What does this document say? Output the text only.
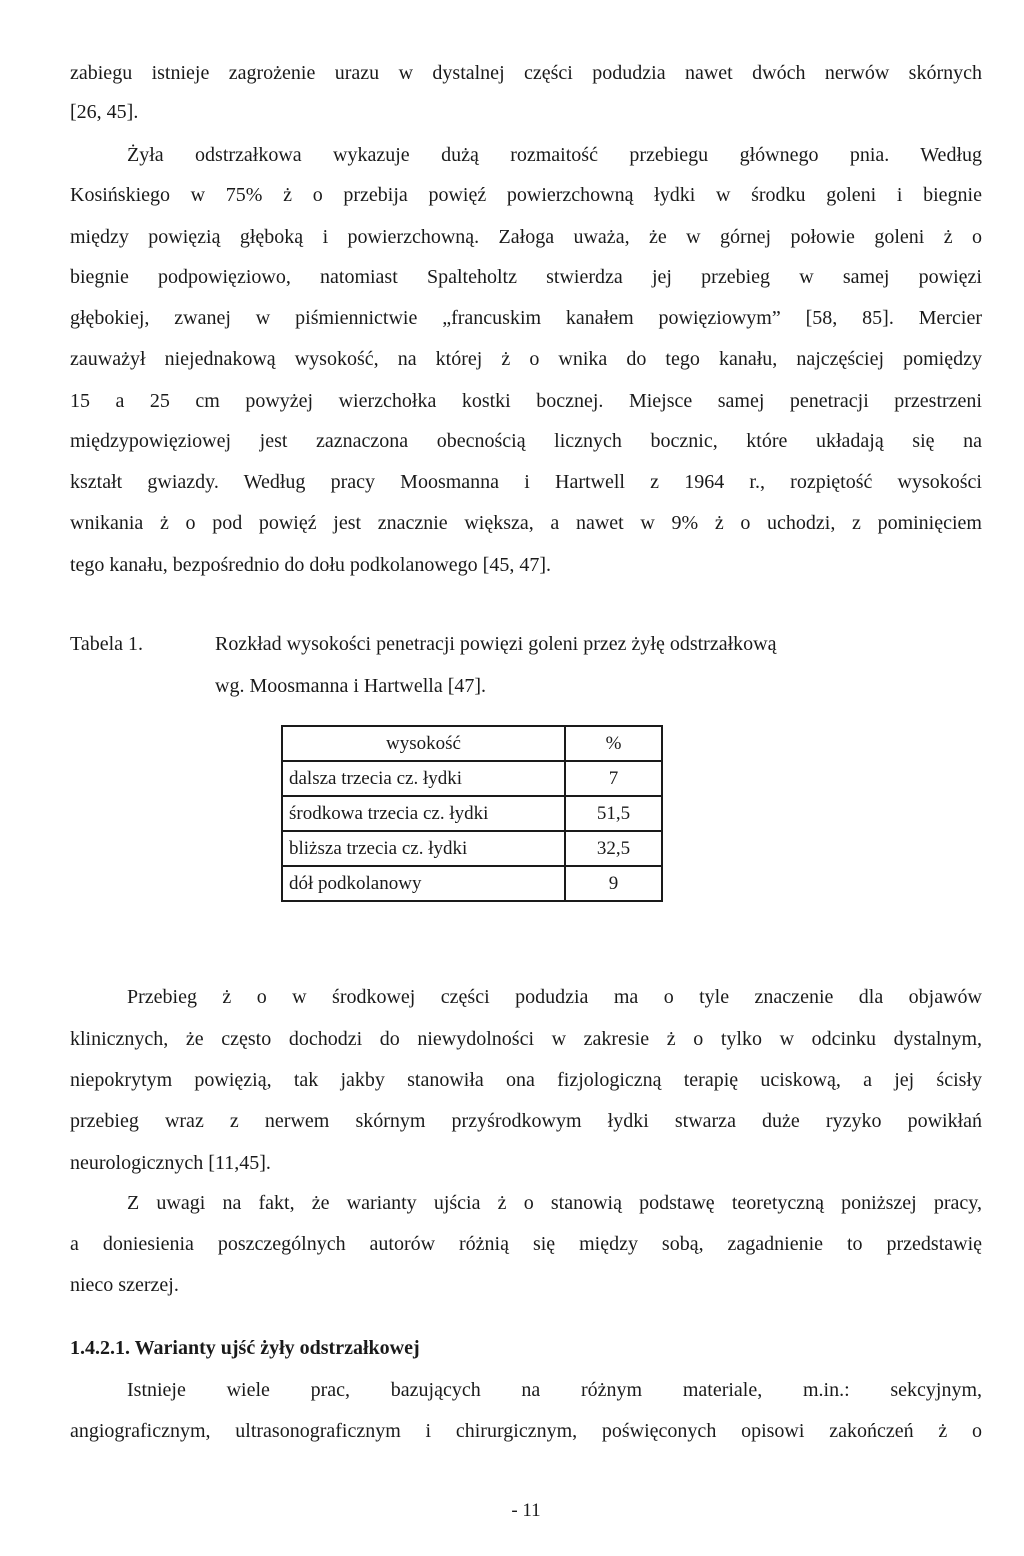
zabiegu istnieje zagrożenie urazu w dystalnej części podudzia nawet dwóch nerwów skórnych
[26, 45].
Żyła odstrzałkowa wykazuje dużą rozmaitość przebiegu głównego pnia. Według
Kosińskiego w 75% ż o przebija powięź powierzchowną łydki w środku goleni i biegnie
między powięzią głęboką i powierzchowną. Załoga uważa, że w górnej połowie goleni ż o
biegnie podpowięziowo, natomiast Spalteholtz stwierdza jej przebieg w samej powięzi
głębokiej, zwanej w piśmiennictwie „francuskim kanałem powięziowym” [58, 85]. Mercier
zauważył niejednakową wysokość, na której ż o wnika do tego kanału, najczęściej pomiędzy
15 a 25 cm powyżej wierzchołka kostki bocznej. Miejsce samej penetracji przestrzeni
międzypowięziowej jest zaznaczona obecnością licznych bocznic, które układają się na
kształt gwiazdy. Według pracy Moosmanna i Hartwell z 1964 r., rozpiętość wysokości
wnikania ż o pod powięź jest znacznie większa, a nawet w 9% ż o uchodzi, z pominięciem
tego kanału, bezpośrednio do dołu podkolanowego [45, 47].
Tabela 1.	Rozkład wysokości penetracji powięzi goleni przez żyłę odstrzałkową
wg. Moosmanna i Hartwella [47].
wysokość	%
dalsza trzecia cz. łydki	7
środkowa trzecia cz. łydki	51,5
bliższa trzecia cz. łydki	32,5
dół podkolanowy	9
Przebieg ż o w środkowej części podudzia ma o tyle znaczenie dla objawów
klinicznych, że często dochodzi do niewydolności w zakresie ż o tylko w odcinku dystalnym,
niepokrytym powięzią, tak jakby stanowiła ona fizjologiczną terapię uciskową, a jej ścisły
przebieg wraz z nerwem skórnym przyśrodkowym łydki stwarza duże ryzyko powikłań
neurologicznych [11,45].
Z uwagi na fakt, że warianty ujścia ż o stanowią podstawę teoretyczną poniższej pracy,
a doniesienia poszczególnych autorów różnią się między sobą, zagadnienie to przedstawię
nieco szerzej.
1.4.2.1. Warianty ujść żyły odstrzałkowej
Istnieje wiele prac, bazujących na różnym materiale, m.in.: sekcyjnym,
angiograficznym, ultrasonograficznym i chirurgicznym, poświęconych opisowi zakończeń ż o
- 11
